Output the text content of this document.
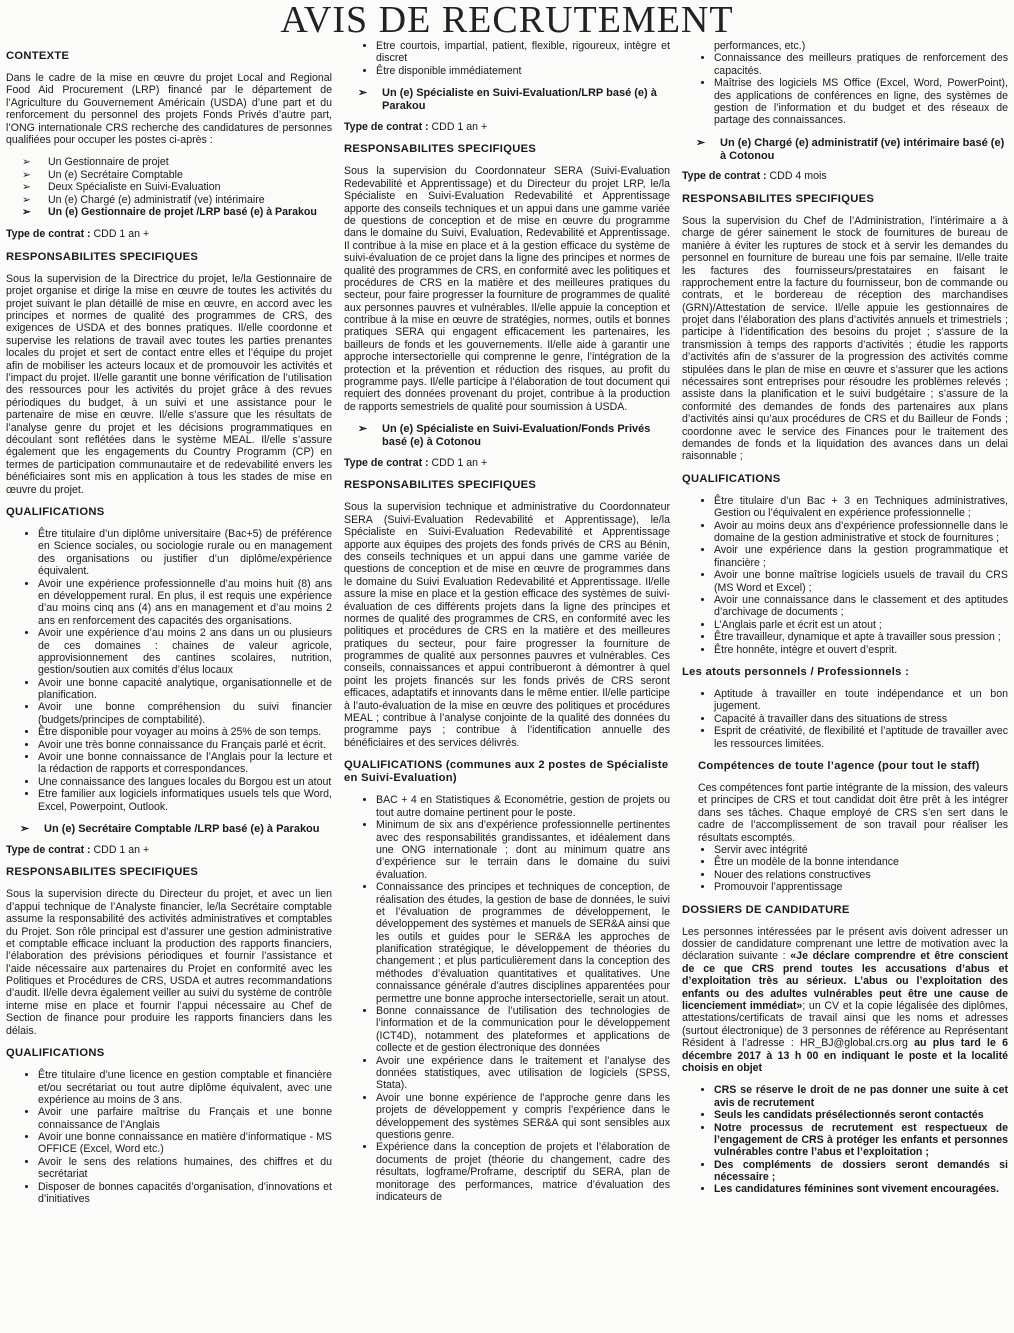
AVIS DE RECRUTEMENT
CONTEXTE

Dans le cadre de la mise en œuvre du projet Local and Regional Food Aid Procurement (LRP) financé par le département de l’Agriculture du Gouvernement Américain (USDA) d’une part et du renforcement du personnel des projets Fonds Privés d’autre part, l’ONG internationale CRS recherche des candidatures de personnes qualifiées pour occuper les postes ci-après :

➢	Un Gestionnaire de projet
➢	Un (e) Secrétaire Comptable
➢	Deux Spécialiste en Suivi-Evaluation
➢	Un (e) Chargé (e) administratif (ve) intérimaire
➢	Un (e) Gestionnaire de projet /LRP basé (e) à Parakou
Type de contrat : CDD 1 an +
RESPONSABILITES SPECIFIQUES

Sous la supervision de la Directrice du projet, le/la Gestionnaire de projet organise et dirige la mise en œuvre de toutes les activités du projet suivant le plan détaillé de mise en œuvre, en accord avec les principes et normes de qualité des programmes de CRS, des exigences de USDA et des bonnes pratiques. Il/elle coordonne et supervise les relations de travail avec toutes les parties prenantes locales du projet et sert de contact entre elles et l’équipe du projet afin de mobiliser les acteurs locaux et de promouvoir les activités et l’impact du projet. Il/elle garantit une bonne vérification de l’utilisation des ressources pour les activités du projet grâce à des revues périodiques du budget, à un suivi et une assistance pour le partenaire de mise en œuvre. Il/elle s’assure que les résultats de l’analyse genre du projet et les décisions programmatiques en découlant sont reflétées dans le système MEAL. Il/elle s’assure également que les engagements du Country Programm (CP) en termes de participation communautaire et de redevabilité envers les bénéficiaires sont mis en application à tous les stades de mise en œuvre du projet.

QUALIFICATIONS
• Être titulaire d’un diplôme universitaire (Bac+5) de préférence en Science sociales, ou sociologie rurale ou en management des organisations ou justifier d’un diplôme/expérience équivalent.
• Avoir une expérience professionnelle d’au moins huit (8) ans en développement rural. En plus, il est requis une expérience d’au moins cinq ans (4) ans en management et d’au moins 2 ans en renforcement des capacités des organisations.
• Avoir une expérience d’au moins 2 ans dans un ou plusieurs de ces domaines : chaines de valeur agricole, approvisionnement des cantines scolaires, nutrition, gestion/soutien aux comités d’élus locaux
• Avoir une bonne capacité analytique, organisationnelle et de planification.
• Avoir une bonne compréhension du suivi financier (budgets/principes de comptabilité).
• Être disponible pour voyager au moins à 25% de son temps.
• Avoir une très bonne connaissance du Français parlé et écrit.
• Avoir une bonne connaissance de l’Anglais pour la lecture et la rédaction de rapports et correspondances.
• Une connaissance des langues locales du Borgou est un atout
• Etre familier aux logiciels informatiques usuels tels que Word, Excel, Powerpoint, Outlook.
➢	Un (e) Secrétaire Comptable /LRP basé (e) à Parakou
Type de contrat : CDD 1 an +
RESPONSABILITES SPECIFIQUES

Sous la supervision directe du Directeur du projet, et avec un lien d’appui technique de l’Analyste financier, le/la Secrétaire comptable assume la responsabilité des activités administratives et comptables du Projet. Son rôle principal est d’assurer une gestion administrative et comptable efficace incluant la production des rapports financiers, l’élaboration des prévisions périodiques et fournir l’assistance et l’aide nécessaire aux partenaires du Projet en conformité avec les Politiques et Procédures de CRS, USDA et autres recommandations d’audit. Il/elle devra également veiller au suivi du système de contrôle interne mise en place et fournir l’appui nécessaire au Chef de Section de finance pour produire les rapports financiers dans les délais.

QUALIFICATIONS
• Être titulaire d’une licence en gestion comptable et financière et/ou secrétariat ou tout autre diplôme équivalent, avec une expérience au moins de 3 ans.
• Avoir une parfaire maîtrise du Français et une bonne connaissance de l’Anglais
• Avoir une bonne connaissance en matière d’informatique - MS OFFICE (Excel, Word etc.)
• Avoir le sens des relations humaines, des chiffres et du secrétariat
• Disposer de bonnes capacités d’organisation, d’innovations et d’initiatives
• Etre courtois, impartial, patient, flexible, rigoureux, intègre et discret
• Être disponible immédiatement
➢	Un (e) Spécialiste en Suivi-Evaluation/LRP basé (e) à Parakou
Type de contrat : CDD 1 an +
RESPONSABILITES SPECIFIQUES

Sous la supervision du Coordonnateur SERA (Suivi-Evaluation Redevabilité et Apprentissage) et du Directeur du projet LRP, le/la Spécialiste en Suivi-Evaluation Redevabilité et Apprentissage apporte des conseils techniques et un appui dans une gamme variée de questions de conception et de mise en œuvre du programme dans le domaine du Suivi, Evaluation, Redevabilité et Apprentissage. Il contribue à la mise en place et à la gestion efficace du système de suivi-évaluation de ce projet dans la ligne des principes et normes de qualité des programmes de CRS, en conformité avec les politiques et procédures de CRS en la matière et des meilleures pratiques du secteur, pour faire progresser la fourniture de programmes de qualité aux personnes pauvres et vulnérables. Il/elle appuie la conception et contribue à la mise en œuvre de stratégies, normes, outils et bonnes pratiques SERA qui engagent efficacement les partenaires, les bailleurs de fonds et les gouvernements. Il/elle aide à garantir une approche intersectorielle qui comprenne le genre, l’intégration de la protection et la prévention et réduction des risques, au profit du programme pays. Il/elle participe à l’élaboration de tout document qui requiert des données provenant du projet, contribue à la production de rapports semestriels de qualité pour soumission à USDA.

➢	Un (e) Spécialiste en Suivi-Evaluation/Fonds Privés basé (e) à Cotonou
Type de contrat : CDD 1 an +
RESPONSABILITES SPECIFIQUES

Sous la supervision technique et administrative du Coordonnateur SERA (Suivi-Evaluation Redevabilité et Apprentissage), le/la Spécialiste en Suivi-Evaluation Redevabilité et Apprentissage apporte aux équipes des projets des fonds privés de CRS au Bénin, des conseils techniques et un appui dans une gamme variée de questions de conception et de mise en œuvre de programmes dans le domaine du Suivi Evaluation Redevabilité et Apprentissage. Il/elle assure la mise en place et la gestion efficace des systèmes de suivi-évaluation de ces différents projets dans la ligne des principes et normes de qualité des programmes de CRS, en conformité avec les politiques et procédures de CRS en la matière et des meilleures pratiques du secteur, pour faire progresser la fourniture de programmes de qualité aux personnes pauvres et vulnérables. Ces conseils, connaissances et appui contribueront à démontrer à quel point les projets financés sur les fonds privés de CRS seront efficaces, adaptatifs et innovants dans le même entier. Il/elle participe à l’auto-évaluation de la mise en œuvre des politiques et procédures MEAL ; contribue à l’analyse conjointe de la qualité des données du programme pays ; contribue à l’identification annuelle des bénéficiaires et des services délivrés.

QUALIFICATIONS (communes aux 2 postes de Spécialiste en Suivi-Evaluation)
• BAC + 4 en Statistiques & Econométrie, gestion de projets ou tout autre domaine pertinent pour le poste.
• Minimum de six ans d’expérience professionnelle pertinentes avec des responsabilités grandissantes, et idéalement dans une ONG internationale ; dont au minimum quatre ans d’expérience sur le terrain dans le domaine du suivi évaluation.
• Connaissance des principes et techniques de conception, de réalisation des études, la gestion de base de données, le suivi et l’évaluation de programmes de développement, le développement des systèmes et manuels de SER&A ainsi que les outils et guides pour le SER&A les approches de planification stratégique, le développement de théories du changement ; et plus particulièrement dans la conception des méthodes d’évaluation quantitatives et qualitatives. Une connaissance générale d’autres disciplines apparentées pour permettre une bonne approche intersectorielle, serait un atout.
• Bonne connaissance de l’utilisation des technologies de l’information et de la communication pour le développement (ICT4D), notamment des plateformes et applications de collecte et de gestion électronique des données
• Avoir une expérience dans le traitement et l’analyse des données statistiques, avec utilisation de logiciels (SPSS, Stata).
• Avoir une bonne expérience de l’approche genre dans les projets de développement y compris l’expérience dans le développement des systèmes SER&A qui sont sensibles aux questions genre.
• Expérience dans la conception de projets et l’élaboration de documents de projet (théorie du changement, cadre des résultats, logframe/Proframe, descriptif du SERA, plan de monitorage des performances, matrice d’évaluation des indicateurs de
performances, etc.)
• Connaissance des meilleurs pratiques de renforcement des capacités.
• Maîtrise des logiciels MS Office (Excel, Word, PowerPoint), des applications de conférences en ligne, des systèmes de gestion de l’information et du budget et des réseaux de partage des connaissances.
➢	Un (e) Chargé (e) administratif (ve) intérimaire basé (e) à Cotonou
Type de contrat : CDD 4 mois
RESPONSABILITES SPECIFIQUES

Sous la supervision du Chef de l’Administration, l’intérimaire a à charge de gérer sainement le stock de fournitures de bureau de manière à éviter les ruptures de stock et à servir les demandes du personnel en fourniture de bureau une fois par semaine. Il/elle traite les factures des fournisseurs/prestataires en faisant le rapprochement entre la facture du fournisseur, bon de commande ou contrats, et le bordereau de réception des marchandises (GRN)/Attestation de service. Il/elle appuie les gestionnaires de projet dans l’élaboration des plans d’activités annuels et trimestriels ; participe à l’identification des besoins du projet ; s’assure de la transmission à temps des rapports d’activités ; étudie les rapports d’activités afin de s’assurer de la progression des activités comme stipulées dans le plan de mise en œuvre et s’assurer que les actions nécessaires sont entreprises pour résoudre les problèmes relevés ; assiste dans la planification et le suivi budgétaire ; s’assure de la conformité des demandes de fonds des partenaires aux plans d’activités ainsi qu’aux procédures de CRS et du Bailleur de Fonds ; coordonne avec le service des Finances pour le traitement des demandes de fonds et la liquidation des avances dans un delai raisonnable ;

QUALIFICATIONS
• Être titulaire d’un Bac + 3 en Techniques administratives, Gestion ou l’équivalent en expérience professionnelle ;
• Avoir au moins deux ans d’expérience professionnelle dans le domaine de la gestion administrative et stock de fournitures ;
• Avoir une expérience dans la gestion programmatique et financière ;
• Avoir une bonne maîtrise logiciels usuels de travail du CRS (MS Word et Excel) ;
• Avoir une connaissance dans le classement et des aptitudes d’archivage de documents ;
• L’Anglais parle et écrit est un atout ;
• Être travailleur, dynamique et apte à travailler sous pression ;
• Être honnête, intègre et ouvert d’esprit.
Les atouts personnels / Professionnels :
• Aptitude à travailler en toute indépendance et un bon jugement.
• Capacité à travailler dans des situations de stress
• Esprit de créativité, de flexibilité et l’aptitude de travailler avec les ressources limitées.
Compétences de toute l’agence (pour tout le staff)

Ces compétences font partie intégrante de la mission, des valeurs et principes de CRS et tout candidat doit être prêt à les intégrer dans ses tâches. Chaque employé de CRS s’en sert dans le cadre de l’accomplissement de son travail pour réaliser les résultats escomptés.

• Servir avec intégrité
• Être un modèle de la bonne intendance
• Nouer des relations constructives
• Promouvoir l’apprentissage
DOSSIERS DE CANDIDATURE

Les personnes intéressées par le présent avis doivent adresser un dossier de candidature comprenant une lettre de motivation avec la déclaration suivante : «Je déclare comprendre et être conscient de ce que CRS prend toutes les accusations d’abus et d’exploitation très au sérieux. L’abus ou l’exploitation des enfants ou des adultes vulnérables peut être une cause de licenciement immédiat»; un CV et la copie légalisée des diplômes, attestations/certificats de travail ainsi que les noms et adresses (surtout électronique) de 3 personnes de référence au Représentant Résident à l’adresse : HR_BJ@global.crs.org au plus tard le 6 décembre 2017 à 13 h 00 en indiquant le poste et la localité choisis en objet

• CRS se réserve le droit de ne pas donner une suite à cet avis de recrutement
• Seuls les candidats présélectionnés seront contactés
• Notre processus de recrutement est respectueux de l’engagement de CRS à protéger les enfants et personnes vulnérables contre l’abus et l’exploitation ;
• Des compléments de dossiers seront demandés si nécessaire ;
• Les candidatures féminines sont vivement encouragées.
